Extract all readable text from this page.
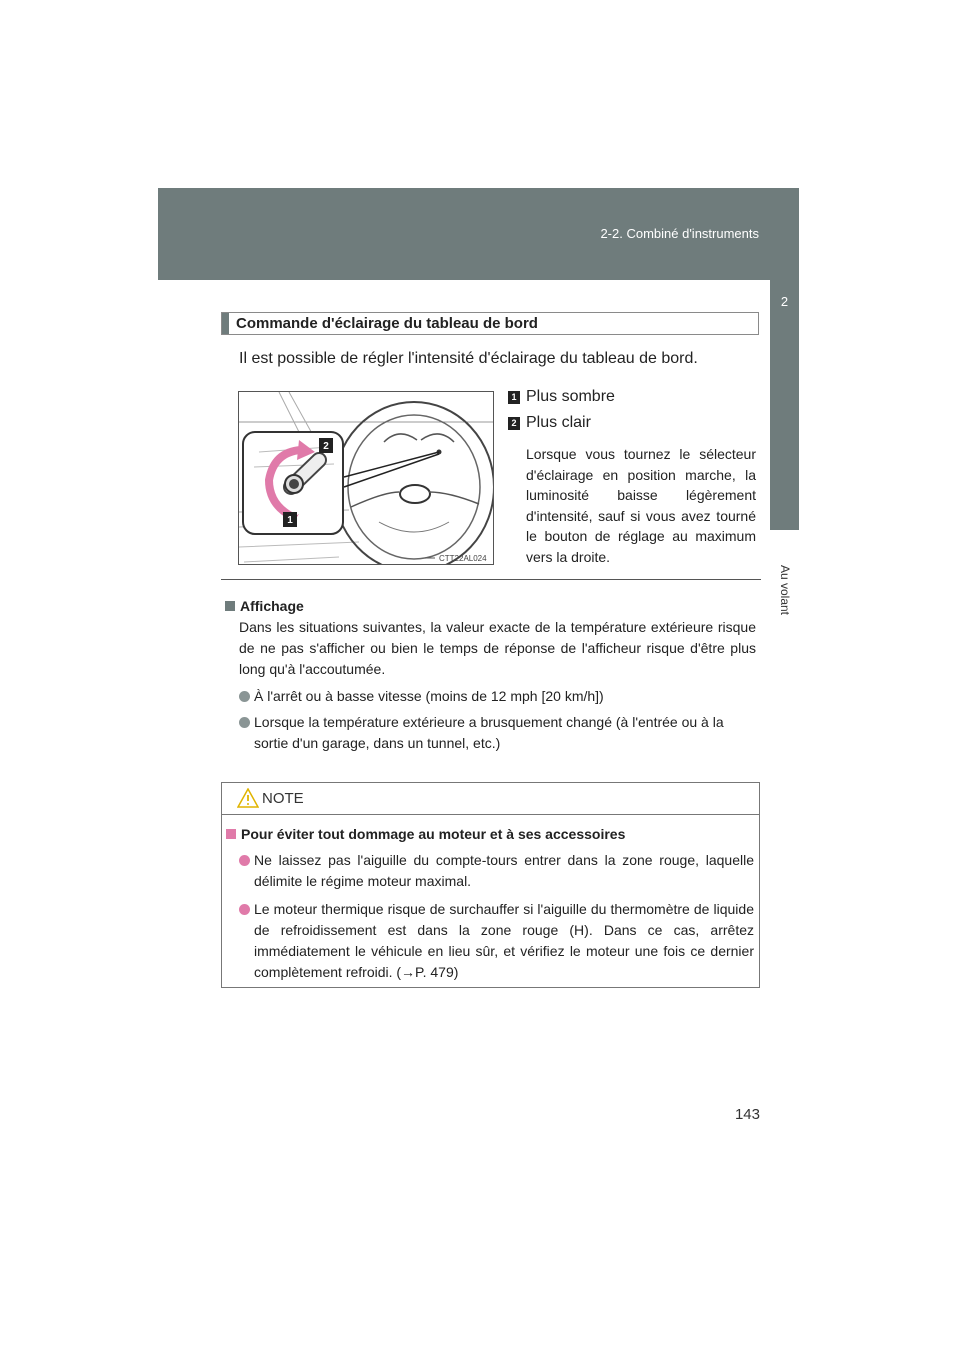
2-2. Combiné d'instruments
2
Au volant
Commande d'éclairage du tableau de bord
Il est possible de régler l'intensité d'éclairage du tableau de bord.
2
1
CTT22AL024
1 Plus sombre
2 Plus clair
Lorsque vous tournez le sélecteur d'éclairage en position marche, la luminosité baisse légèrement d'intensité, sauf si vous avez tourné le bouton de réglage au maximum vers la droite.
Affichage
Dans les situations suivantes, la valeur exacte de la température extérieure risque de ne pas s'afficher ou bien le temps de réponse de l'afficheur risque d'être plus long qu'à l'accoutumée.
À l'arrêt ou à basse vitesse (moins de 12 mph [20 km/h])
Lorsque la température extérieure a brusquement changé (à l'entrée ou à la sortie d'un garage, dans un tunnel, etc.)
NOTE
Pour éviter tout dommage au moteur et à ses accessoires
Ne laissez pas l'aiguille du compte-tours entrer dans la zone rouge, laquelle délimite le régime moteur maximal.
Le moteur thermique risque de surchauffer si l'aiguille du thermomètre de liquide de refroidissement est dans la zone rouge (H). Dans ce cas, arrêtez immédiatement le véhicule en lieu sûr, et vérifiez le moteur une fois ce dernier complètement refroidi. (→P. 479)
143
